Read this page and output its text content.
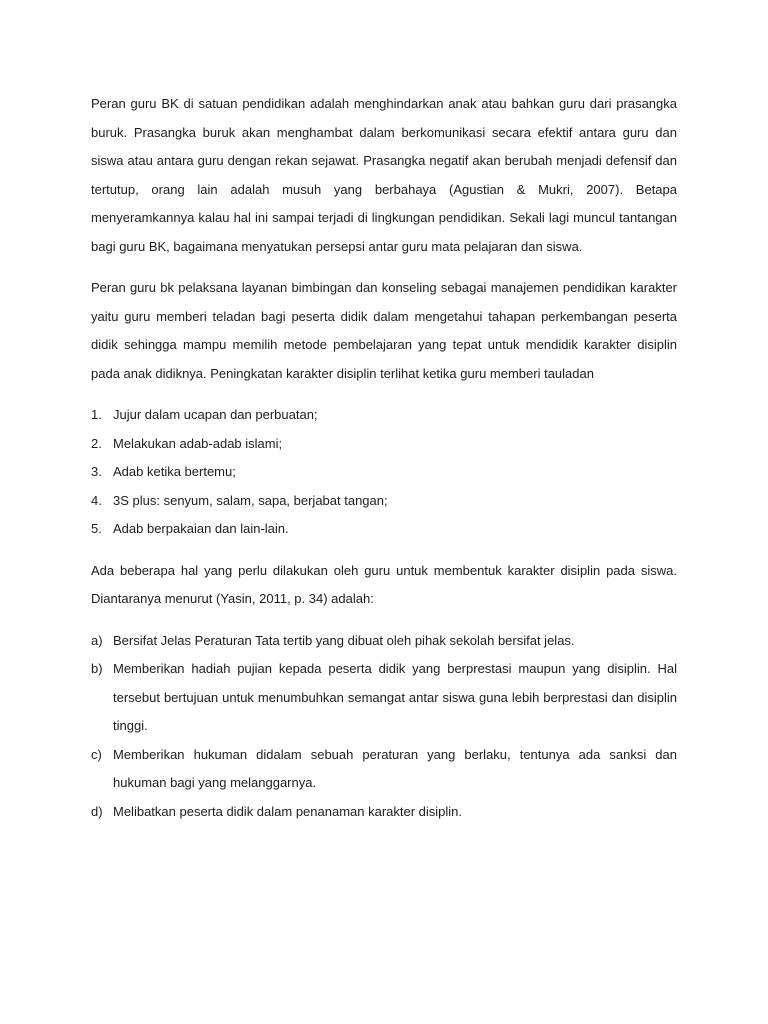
Peran guru BK di satuan pendidikan adalah menghindarkan anak atau bahkan guru dari prasangka buruk. Prasangka buruk akan menghambat dalam berkomunikasi secara efektif antara guru dan siswa atau antara guru dengan rekan sejawat. Prasangka negatif akan berubah menjadi defensif dan tertutup, orang lain adalah musuh yang berbahaya (Agustian & Mukri, 2007). Betapa menyeramkannya kalau hal ini sampai terjadi di lingkungan pendidikan. Sekali lagi muncul tantangan bagi guru BK, bagaimana menyatukan persepsi antar guru mata pelajaran dan siswa.

Peran guru bk pelaksana layanan bimbingan dan konseling sebagai manajemen pendidikan karakter yaitu guru memberi teladan bagi peserta didik dalam mengetahui tahapan perkembangan peserta didik sehingga mampu memilih metode pembelajaran yang tepat untuk mendidik karakter disiplin pada anak didiknya. Peningkatan karakter disiplin terlihat ketika guru memberi tauladan

1. Jujur dalam ucapan dan perbuatan;
2. Melakukan adab-adab islami;
3. Adab ketika bertemu;
4. 3S plus: senyum, salam, sapa, berjabat tangan;
5. Adab berpakaian dan lain-lain.

Ada beberapa hal yang perlu dilakukan oleh guru untuk membentuk karakter disiplin pada siswa. Diantaranya menurut (Yasin, 2011, p. 34) adalah:

a) Bersifat Jelas Peraturan Tata tertib yang dibuat oleh pihak sekolah bersifat jelas.
b) Memberikan hadiah pujian kepada peserta didik yang berprestasi maupun yang disiplin. Hal tersebut bertujuan untuk menumbuhkan semangat antar siswa guna lebih berprestasi dan disiplin tinggi.
c) Memberikan hukuman didalam sebuah peraturan yang berlaku, tentunya ada sanksi dan hukuman bagi yang melanggarnya.
d) Melibatkan peserta didik dalam penanaman karakter disiplin.
